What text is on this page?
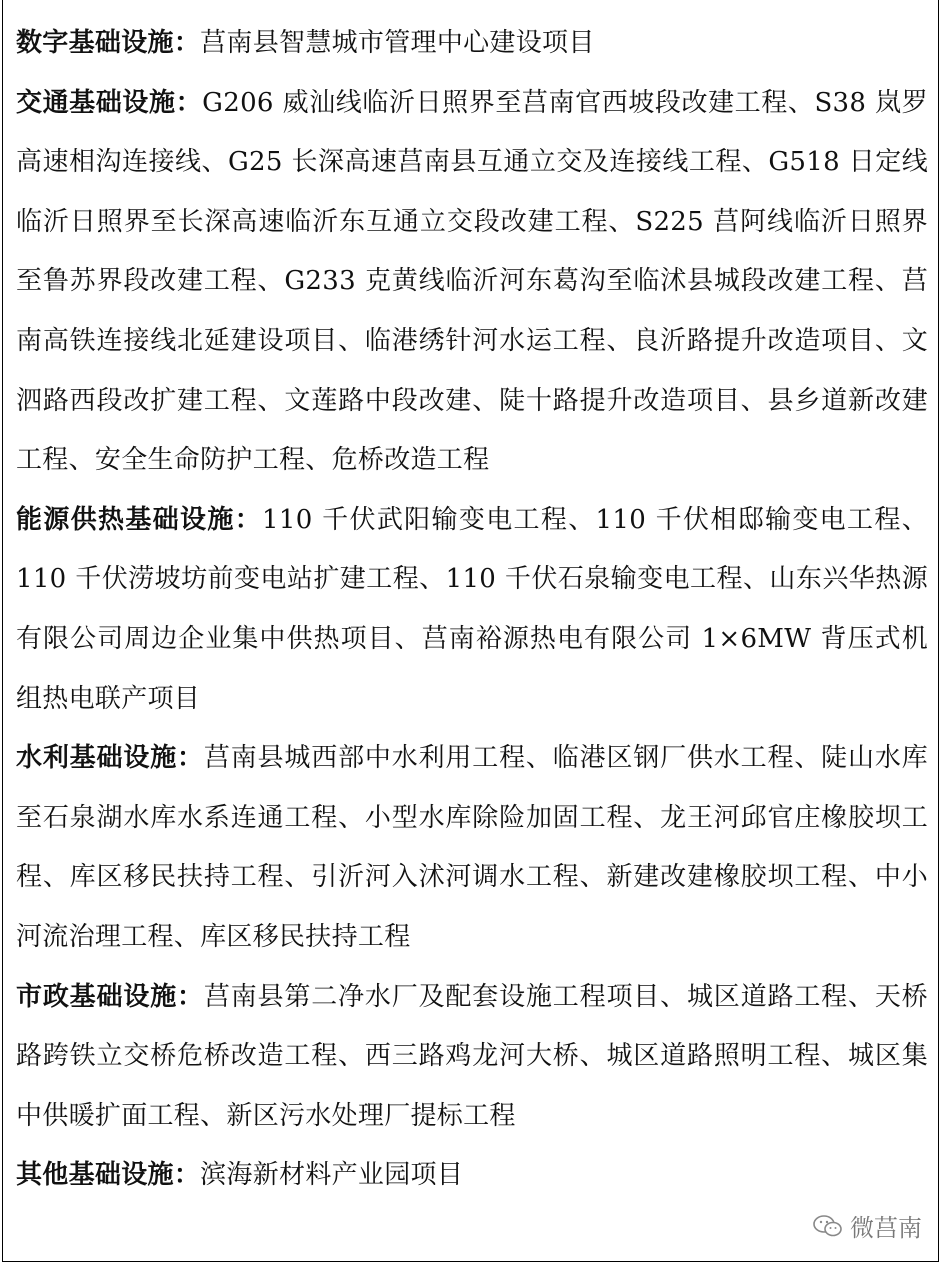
数字基础设施：莒南县智慧城市管理中心建设项目

交通基础设施：G206 威汕线临沂日照界至莒南官西坡段改建工程、S38 岚罗高速相沟连接线、G25 长深高速莒南县互通立交及连接线工程、G518 日定线临沂日照界至长深高速临沂东互通立交段改建工程、S225 莒阿线临沂日照界至鲁苏界段改建工程、G233 克黄线临沂河东葛沟至临沭县城段改建工程、莒南高铁连接线北延建设项目、临港绣针河水运工程、良沂路提升改造项目、文泗路西段改扩建工程、文莲路中段改建、陡十路提升改造项目、县乡道新改建工程、安全生命防护工程、危桥改造工程

能源供热基础设施：110 千伏武阳输变电工程、110 千伏相邸输变电工程、110 千伏涝坡坊前变电站扩建工程、110 千伏石泉输变电工程、山东兴华热源有限公司周边企业集中供热项目、莒南裕源热电有限公司 1×6MW 背压式机组热电联产项目

水利基础设施：莒南县城西部中水利用工程、临港区钢厂供水工程、陡山水库至石泉湖水库水系连通工程、小型水库除险加固工程、龙王河邱官庄橡胶坝工程、库区移民扶持工程、引沂河入沭河调水工程、新建改建橡胶坝工程、中小河流治理工程、库区移民扶持工程

市政基础设施：莒南县第二净水厂及配套设施工程项目、城区道路工程、天桥路跨铁立交桥危桥改造工程、西三路鸡龙河大桥、城区道路照明工程、城区集中供暖扩面工程、新区污水处理厂提标工程

其他基础设施：滨海新材料产业园项目

微莒南
